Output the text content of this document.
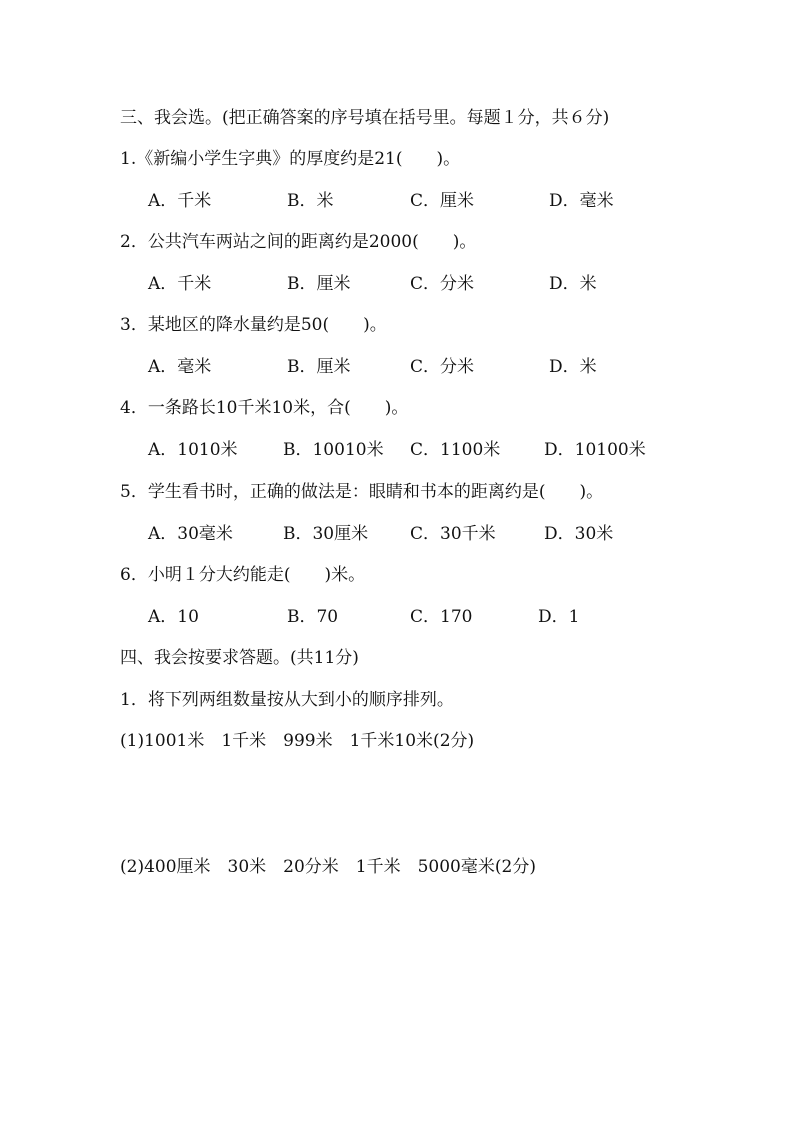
三、我会选。(把正确答案的序号填在括号里。每题１分，共６分)
1.《新编小学生字典》的厚度约是21(　　)。
A．千米	B．米	C．厘米	D．毫米
2．公共汽车两站之间的距离约是2000(　　)。
A．千米	B．厘米	C．分米	D．米
3．某地区的降水量约是50(　　)。
A．毫米	B．厘米	C．分米	D．米
4．一条路长10千米10米，合(　　)。
A．1010米	B．10010米 C．1100米	D．10100米
5．学生看书时，正确的做法是：眼睛和书本的距离约是(　　)。
A．30毫米	B．30厘米 C．30千米	D．30米
6．小明１分大约能走(　　)米。
A．10	B．70	C．170	D．1
四、我会按要求答题。(共11分)
1．将下列两组数量按从大到小的顺序排列。
(1)1001米　1千米　999米　1千米10米(2分)
(2)400厘米　30米　20分米　1千米　5000毫米(2分)
